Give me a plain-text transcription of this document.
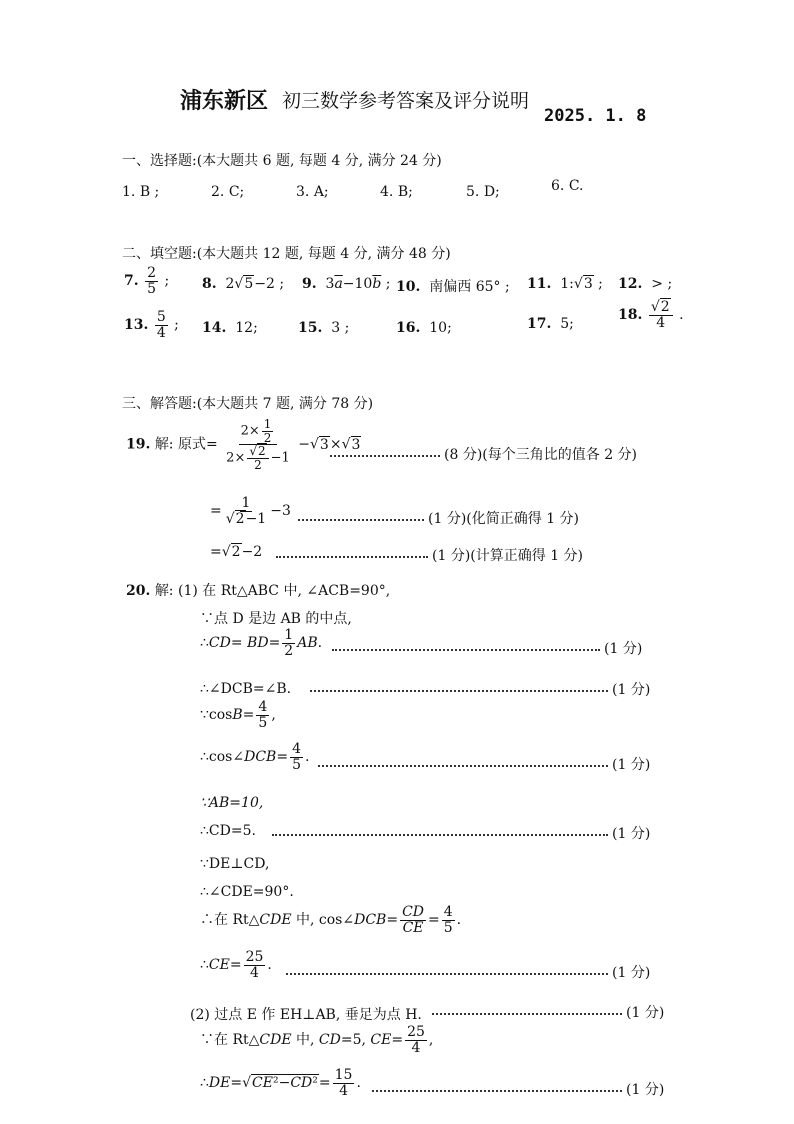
浦东新区 初三数学参考答案及评分说明
2025. 1. 8
一、选择题:(本大题共 6 题, 每题 4 分, 满分 24 分)
1. B ;	2. C;	3. A;	4. B;	5. D;	6. C.
二、填空题:(本大题共 12 题, 每题 4 分, 满分 48 分)
7. $\frac{2}{5}$ ; 8.  2√5−2 ; 9.  $3\overline{a}-10\overline{b}$ ; 10.  南偏西 65° ; 11.  1:√3 ; 12.  > ;
13. $\frac{5}{4}$ ; 14.  12;	15.  3 ;	16.  10;	17.  5;
18. $\frac{√2}{4}$ .
三、解答题:(本大题共 7 题, 满分 78 分)
19. 解: 原式= $\frac{2\times \frac{1}{2}}{2\times \frac{√2}{2} -1} -√3\times√3$
(8 分)(每个三角比的值各 2 分)
= $\frac{1}{√2-1} -3$	(1 分)(化简正确得 1 分)
=√2−2	(1 分)(计算正确得 1 分)
20. 解: (1) 在 Rt△ABC 中, ∠ACB=90°,
∵点 D 是边 AB 的中点,
∴CD= $BD= \frac{1}{2}$ AB.	(1 分)
∴∠DCB=∠B.	(1 分)
∵cosB= $\frac{4}{5}$ ,
∴cos∠DCB= $\frac{4}{5}$ .	(1 分)
∵AB=10,
∴CD=5.	(1 分)
∵DE⊥CD,
∴∠CDE=90°.
∴在 Rt△CDE 中, cos∠DCB= $\frac{CD}{CE} = \frac{4}{5}$ .
∴CE= $\frac{25}{4}$ .	(1 分)
(2) 过点 E 作 EH⊥AB, 垂足为点 H.	(1 分)
∵在 Rt△CDE 中, CD=5, $CE= \frac{25}{4}$ ,
∴DE=√CE²−CD²= $\frac{15}{4}$ .	(1 分)
